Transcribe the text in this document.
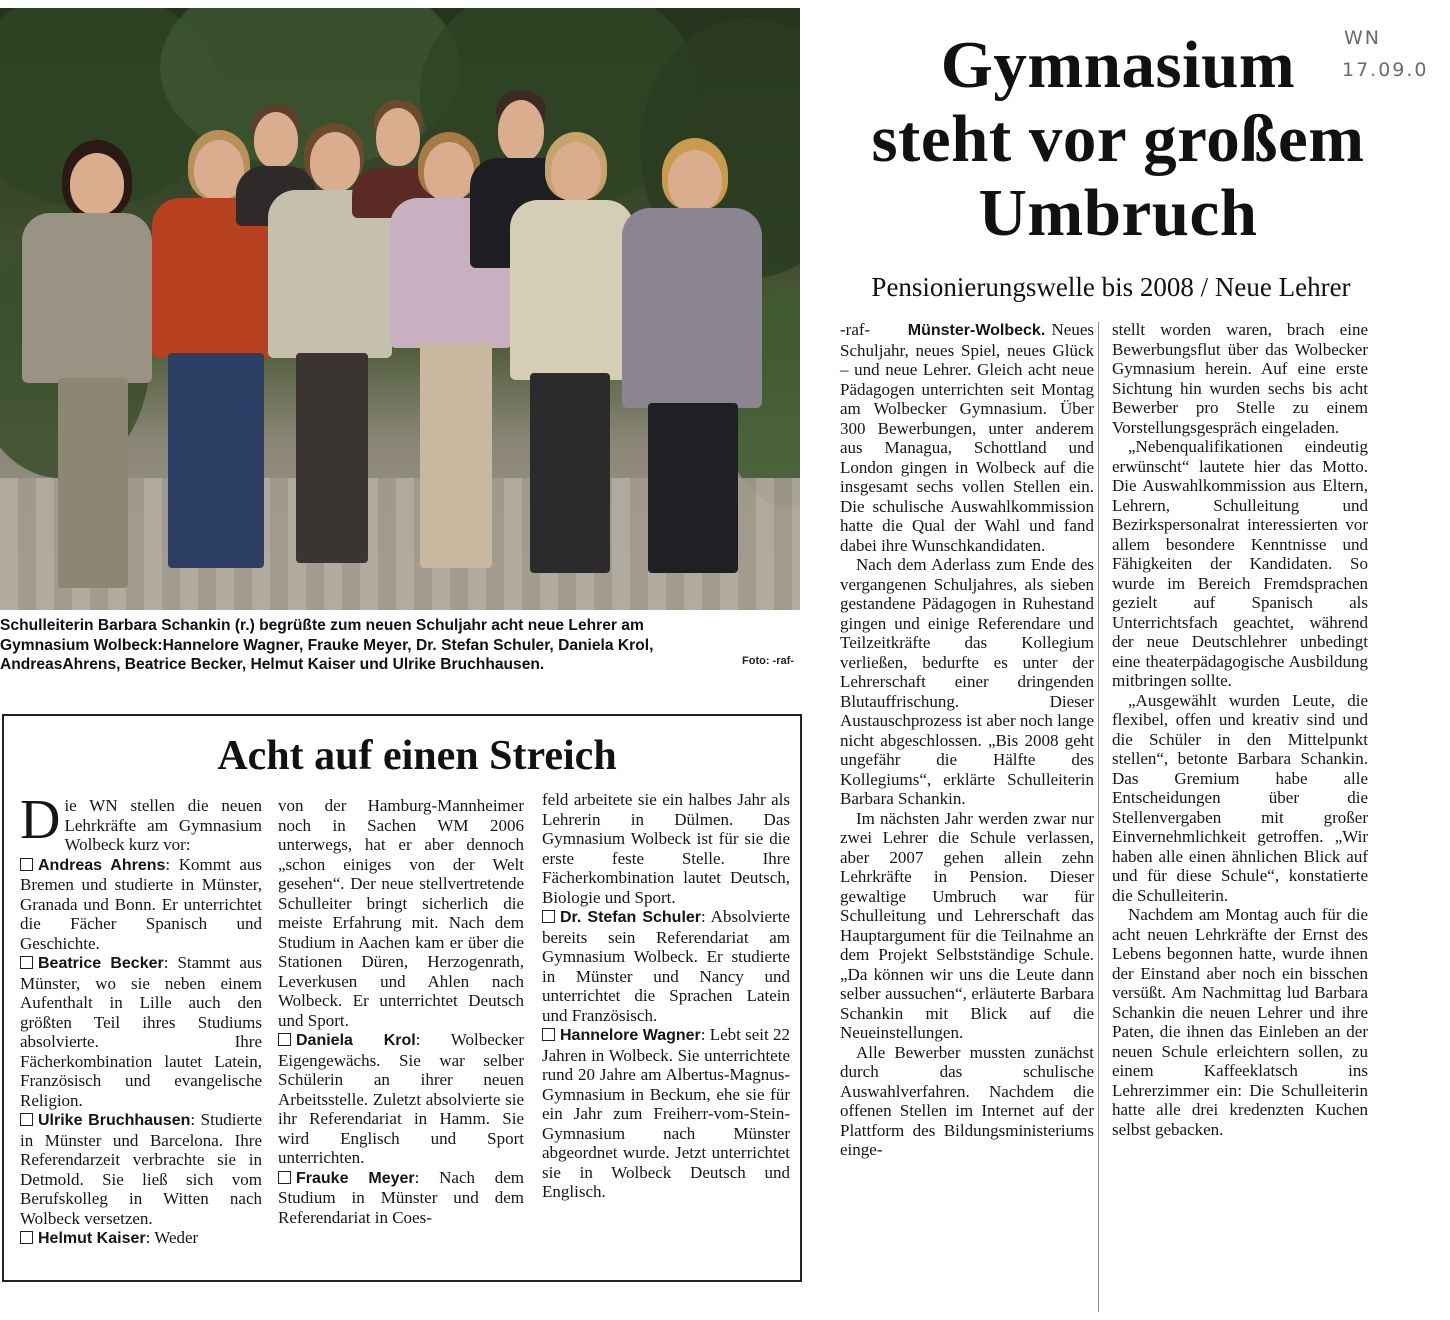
Schulleiterin Barbara Schankin (r.) begrüßte zum neuen Schuljahr acht neue Lehrer am
Gymnasium Wolbeck:Hannelore Wagner, Frauke Meyer, Dr. Stefan Schuler, Daniela Krol,
AndreasAhrens, Beatrice Becker, Helmut Kaiser und Ulrike Bruchhausen.	Foto: -raf-
WN
17.09.0
Gymnasium
steht vor großem
Umbruch
Pensionierungswelle bis 2008 / Neue Lehrer

-raf- Münster-Wolbeck. Neues Schuljahr, neues Spiel, neues Glück – und neue Lehrer. Gleich acht neue Pädagogen unterrichten seit Montag am Wolbecker Gymnasium. Über 300 Bewerbungen, unter anderem aus Managua, Schottland und London gingen in Wolbeck auf die insgesamt sechs vollen Stellen ein. Die schulische Auswahlkommission hatte die Qual der Wahl und fand dabei ihre Wunschkandidaten.

Nach dem Aderlass zum Ende des vergangenen Schuljahres, als sieben gestandene Pädagogen in Ruhestand gingen und einige Referendare und Teilzeitkräfte das Kollegium verließen, bedurfte es unter der Lehrerschaft einer dringenden Blutauffrischung. Dieser Austauschprozess ist aber noch lange nicht abgeschlossen. „Bis 2008 geht ungefähr die Hälfte des Kollegiums“, erklärte Schulleiterin Barbara Schankin.

Im nächsten Jahr werden zwar nur zwei Lehrer die Schule verlassen, aber 2007 gehen allein zehn Lehrkräfte in Pension. Dieser gewaltige Umbruch war für Schulleitung und Lehrerschaft das Hauptargument für die Teilnahme an dem Projekt Selbstständige Schule. „Da können wir uns die Leute dann selber aussuchen“, erläuterte Barbara Schankin mit Blick auf die Neueinstellungen.

Alle Bewerber mussten zunächst durch das schulische Auswahlverfahren. Nachdem die offenen Stellen im Internet auf der Plattform des Bildungsministeriums einge-

stellt worden waren, brach eine Bewerbungsflut über das Wolbecker Gymnasium herein. Auf eine erste Sichtung hin wurden sechs bis acht Bewerber pro Stelle zu einem Vorstellungsgespräch eingeladen.

„Nebenqualifikationen eindeutig erwünscht“ lautete hier das Motto. Die Auswahlkommission aus Eltern, Lehrern, Schulleitung und Bezirkspersonalrat interessierten vor allem besondere Kenntnisse und Fähigkeiten der Kandidaten. So wurde im Bereich Fremdsprachen gezielt auf Spanisch als Unterrichtsfach geachtet, während der neue Deutschlehrer unbedingt eine theaterpädagogische Ausbildung mitbringen sollte.

„Ausgewählt wurden Leute, die flexibel, offen und kreativ sind und die Schüler in den Mittelpunkt stellen“, betonte Barbara Schankin. Das Gremium habe alle Entscheidungen über die Stellenvergaben mit großer Einvernehmlichkeit getroffen. „Wir haben alle einen ähnlichen Blick auf und für diese Schule“, konstatierte die Schulleiterin.

Nachdem am Montag auch für die acht neuen Lehrkräfte der Ernst des Lebens begonnen hatte, wurde ihnen der Einstand aber noch ein bisschen versüßt. Am Nachmittag lud Barbara Schankin die neuen Lehrer und ihre Paten, die ihnen das Einleben an der neuen Schule erleichtern sollen, zu einem Kaffeeklatsch ins Lehrerzimmer ein: Die Schulleiterin hatte alle drei kredenzten Kuchen selbst gebacken.

Acht auf einen Streich

Die WN stellen die neuen Lehrkräfte am Gymnasium Wolbeck kurz vor:

Andreas Ahrens: Kommt aus Bremen und studierte in Münster, Granada und Bonn. Er unterrichtet die Fächer Spanisch und Geschichte.

Beatrice Becker: Stammt aus Münster, wo sie neben einem Aufenthalt in Lille auch den größten Teil ihres Studiums absolvierte. Ihre Fächerkombination lautet Latein, Französisch und evangelische Religion.

Ulrike Bruchhausen: Studierte in Münster und Barcelona. Ihre Referendarzeit verbrachte sie in Detmold. Sie ließ sich vom Berufskolleg in Witten nach Wolbeck versetzen.

Helmut Kaiser: Weder

von der Hamburg-Mannheimer noch in Sachen WM 2006 unterwegs, hat er aber dennoch „schon einiges von der Welt gesehen“. Der neue stellvertretende Schulleiter bringt sicherlich die meiste Erfahrung mit. Nach dem Studium in Aachen kam er über die Stationen Düren, Herzogenrath, Leverkusen und Ahlen nach Wolbeck. Er unterrichtet Deutsch und Sport.

Daniela Krol: Wolbecker Eigengewächs. Sie war selber Schülerin an ihrer neuen Arbeitsstelle. Zuletzt absolvierte sie ihr Referendariat in Hamm. Sie wird Englisch und Sport unterrichten.

Frauke Meyer: Nach dem Studium in Münster und dem Referendariat in Coes-

feld arbeitete sie ein halbes Jahr als Lehrerin in Dülmen. Das Gymnasium Wolbeck ist für sie die erste feste Stelle. Ihre Fächerkombination lautet Deutsch, Biologie und Sport.

Dr. Stefan Schuler: Absolvierte bereits sein Referendariat am Gymnasium Wolbeck. Er studierte in Münster und Nancy und unterrichtet die Sprachen Latein und Französisch.

Hannelore Wagner: Lebt seit 22 Jahren in Wolbeck. Sie unterrichtete rund 20 Jahre am Albertus-Magnus-Gymnasium in Beckum, ehe sie für ein Jahr zum Freiherr-vom-Stein-Gymnasium nach Münster abgeordnet wurde. Jetzt unterrichtet sie in Wolbeck Deutsch und Englisch.
